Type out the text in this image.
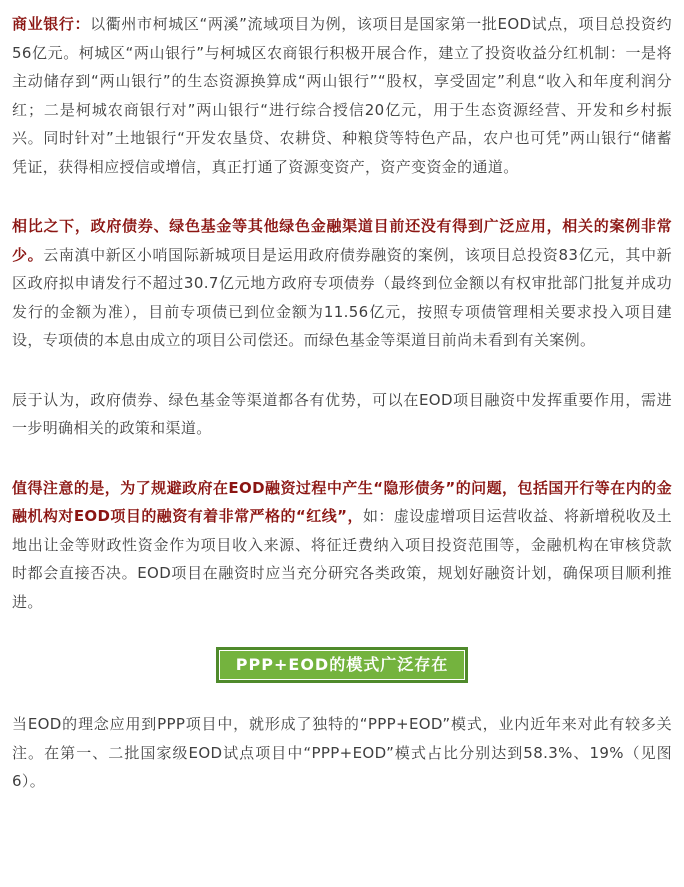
商业银行：以衢州市柯城区“两溪”流域项目为例，该项目是国家第一批EOD试点，项目总投资约56亿元。柯城区“两山银行”与柯城区农商银行积极开展合作，建立了投资收益分红机制：一是将主动储存到“两山银行”的生态资源换算成“两山银行”“股权，享受固定”利息“收入和年度利润分红；二是柯城农商银行对”两山银行“进行综合授信20亿元，用于生态资源经营、开发和乡村振兴。同时针对”土地银行“开发农垦贷、农耕贷、种粮贷等特色产品，农户也可凭”两山银行“储蓄凭证，获得相应授信或增信，真正打通了资源变资产，资产变资金的通道。

相比之下，政府债券、绿色基金等其他绿色金融渠道目前还没有得到广泛应用，相关的案例非常少。云南滇中新区小哨国际新城项目是运用政府债券融资的案例，该项目总投资83亿元，其中新区政府拟申请发行不超过30.7亿元地方政府专项债券（最终到位金额以有权审批部门批复并成功发行的金额为准），目前专项债已到位金额为11.56亿元，按照专项债管理相关要求投入项目建设，专项债的本息由成立的项目公司偿还。而绿色基金等渠道目前尚未看到有关案例。

辰于认为，政府债券、绿色基金等渠道都各有优势，可以在EOD项目融资中发挥重要作用，需进一步明确相关的政策和渠道。

值得注意的是，为了规避政府在EOD融资过程中产生“隐形债务”的问题，包括国开行等在内的金融机构对EOD项目的融资有着非常严格的“红线”，如：虚设虚增项目运营收益、将新增税收及土地出让金等财政性资金作为项目收入来源、将征迁费纳入项目投资范围等，金融机构在审核贷款时都会直接否决。EOD项目在融资时应当充分研究各类政策，规划好融资计划，确保项目顺利推进。

PPP+EOD的模式广泛存在

当EOD的理念应用到PPP项目中，就形成了独特的“PPP+EOD”模式，业内近年来对此有较多关注。在第一、二批国家级EOD试点项目中“PPP+EOD”模式占比分别达到58.3%、19%（见图6）。
